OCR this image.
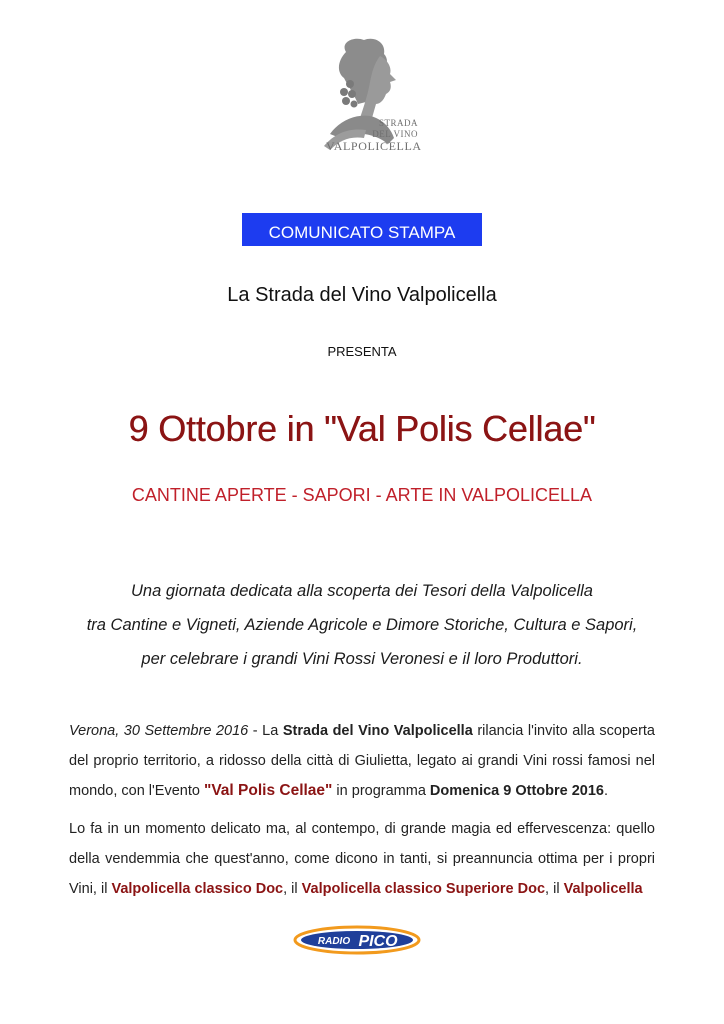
STRADA
DEL VINO
VALPOLICELLA
COMUNICATO STAMPA
La Strada del Vino Valpolicella
PRESENTA
9 Ottobre in "Val Polis Cellae"
CANTINE APERTE - SAPORI - ARTE IN VALPOLICELLA
Una giornata dedicata alla scoperta dei Tesori della Valpolicella
tra Cantine e Vigneti, Aziende Agricole e Dimore Storiche, Cultura e Sapori,
per celebrare i grandi Vini Rossi Veronesi e il loro Produttori.

Verona, 30 Settembre 2016 - La Strada del Vino Valpolicella rilancia l'invito alla scoperta del proprio territorio, a ridosso della città di Giulietta, legato ai grandi Vini rossi famosi nel mondo, con l'Evento "Val Polis Cellae" in programma Domenica 9 Ottobre 2016.

Lo fa in un momento delicato ma, al contempo, di grande magia ed effervescenza: quello della vendemmia che quest'anno, come dicono in tanti, si preannuncia ottima per i propri Vini, il Valpolicella classico Doc, il Valpolicella classico Superiore Doc, il Valpolicella

RADIO PICO
